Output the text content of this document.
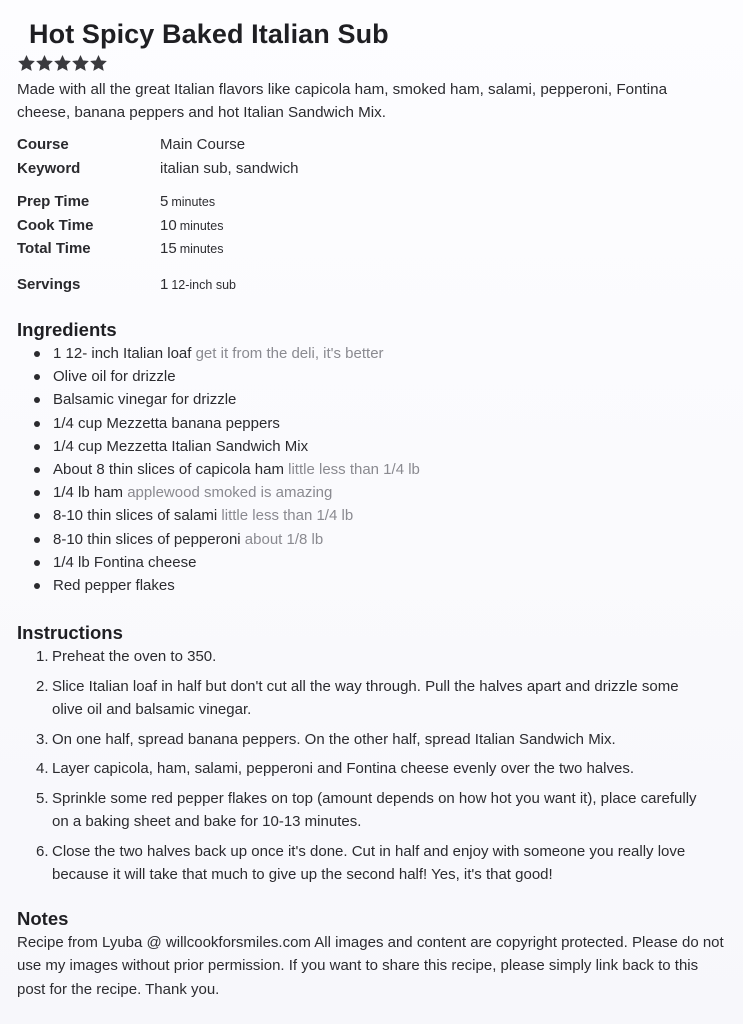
Hot Spicy Baked Italian Sub
Made with all the great Italian flavors like capicola ham, smoked ham, salami, pepperoni, Fontina cheese, banana peppers and hot Italian Sandwich Mix.
Course	Main Course
Keyword	italian sub, sandwich
Prep Time	5 minutes
Cook Time	10 minutes
Total Time	15 minutes
Servings	1 12-inch sub
Ingredients
1 12- inch Italian loaf get it from the deli, it's better
Olive oil for drizzle
Balsamic vinegar for drizzle
1/4 cup Mezzetta banana peppers
1/4 cup Mezzetta Italian Sandwich Mix
About 8 thin slices of capicola ham little less than 1/4 lb
1/4 lb ham applewood smoked is amazing
8-10 thin slices of salami little less than 1/4 lb
8-10 thin slices of pepperoni about 1/8 lb
1/4 lb Fontina cheese
Red pepper flakes
Instructions
1. Preheat the oven to 350.
2. Slice Italian loaf in half but don't cut all the way through. Pull the halves apart and drizzle some olive oil and balsamic vinegar.
3. On one half, spread banana peppers. On the other half, spread Italian Sandwich Mix.
4. Layer capicola, ham, salami, pepperoni and Fontina cheese evenly over the two halves.
5. Sprinkle some red pepper flakes on top (amount depends on how hot you want it), place carefully on a baking sheet and bake for 10-13 minutes.
6. Close the two halves back up once it's done. Cut in half and enjoy with someone you really love because it will take that much to give up the second half! Yes, it's that good!
Notes

Recipe from Lyuba @ willcookforsmiles.com All images and content are copyright protected. Please do not use my images without prior permission. If you want to share this recipe, please simply link back to this post for the recipe. Thank you.
